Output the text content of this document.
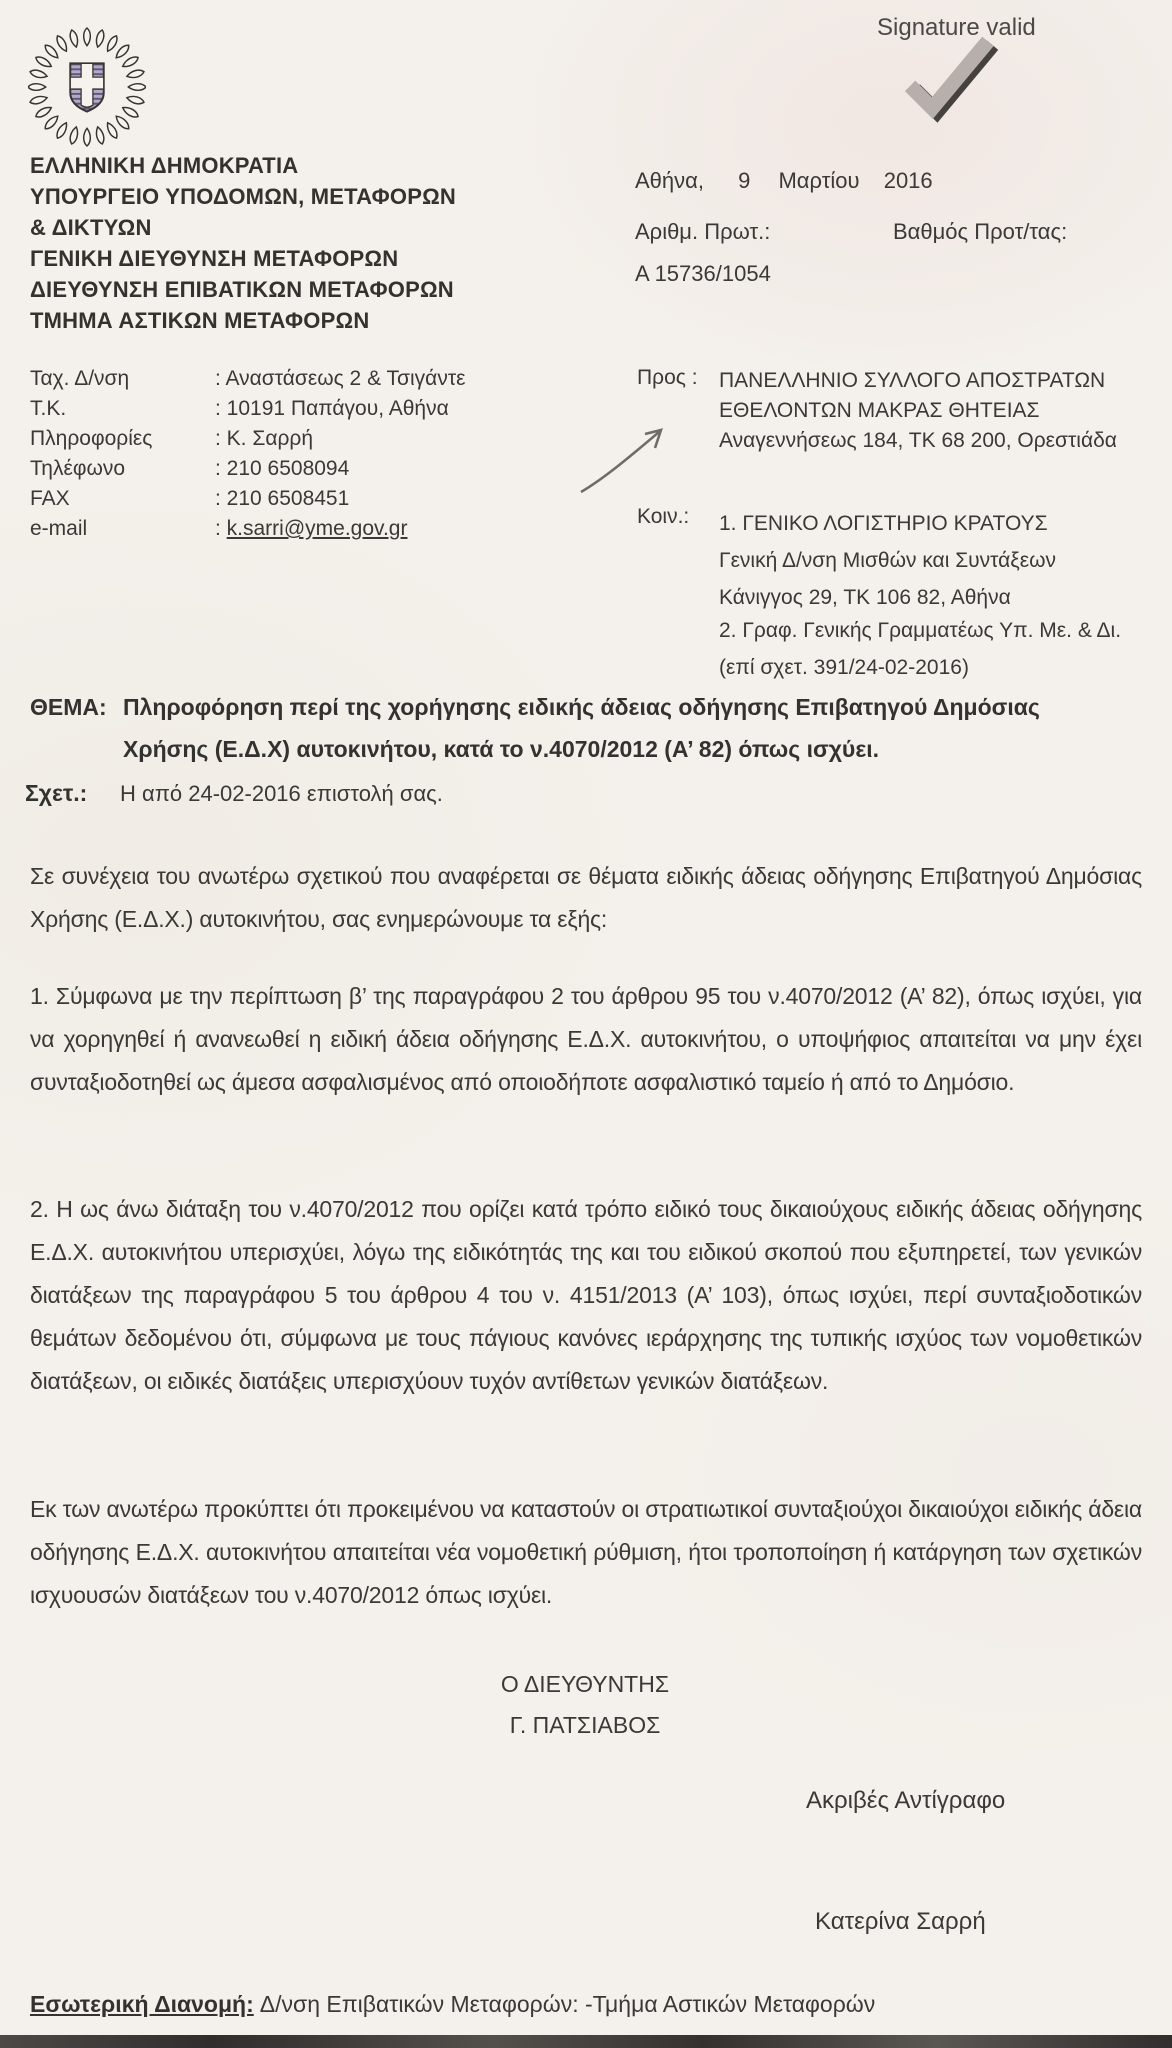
Signature valid
ΕΛΛΗΝΙΚΗ ΔΗΜΟΚΡΑΤΙΑ
ΥΠΟΥΡΓΕΙΟ ΥΠΟΔΟΜΩΝ, ΜΕΤΑΦΟΡΩΝ
& ΔΙΚΤΥΩΝ
ΓΕΝΙΚΗ ΔΙΕΥΘΥΝΣΗ ΜΕΤΑΦΟΡΩΝ
ΔΙΕΥΘΥΝΣΗ ΕΠΙΒΑΤΙΚΩΝ ΜΕΤΑΦΟΡΩΝ
ΤΜΗΜΑ ΑΣΤΙΚΩΝ ΜΕΤΑΦΟΡΩΝ
Αθήνα, 9 Μαρτίου 2016
Αριθμ. Πρωτ.:	Βαθμός Προτ/τας:
Α 15736/1054
Ταχ. Δ/νση	: Αναστάσεως 2 & Τσιγάντε
Τ.Κ.	: 10191 Παπάγου, Αθήνα
Πληροφορίες	: Κ. Σαρρή
Τηλέφωνο	: 210 6508094
FAX	: 210 6508451
e-mail	: k.sarri@yme.gov.gr
Προς : ΠΑΝΕΛΛΗΝΙΟ ΣΥΛΛΟΓΟ ΑΠΟΣΤΡΑΤΩΝ
ΕΘΕΛΟΝΤΩΝ ΜΑΚΡΑΣ ΘΗΤΕΙΑΣ
Αναγεννήσεως 184, ΤΚ 68 200, Ορεστιάδα
Κοιν.: 1. ΓΕΝΙΚΟ ΛΟΓΙΣΤΗΡΙΟ ΚΡΑΤΟΥΣ
Γενική Δ/νση Μισθών και Συντάξεων
Κάνιγγος 29, ΤΚ 106 82, Αθήνα
2. Γραφ. Γενικής Γραμματέως Υπ. Με. & Δι.
(επί σχετ. 391/24-02-2016)
ΘΕΜΑ: Πληροφόρηση περί της χορήγησης ειδικής άδειας οδήγησης Επιβατηγού Δημόσιας
Χρήσης (Ε.Δ.Χ) αυτοκινήτου, κατά το ν.4070/2012 (Α’ 82) όπως ισχύει.
Σχετ.: Η από 24-02-2016 επιστολή σας.
Σε συνέχεια του ανωτέρω σχετικού που αναφέρεται σε θέματα ειδικής άδειας οδήγησης Επιβατηγού Δημόσιας Χρήσης (Ε.Δ.Χ.) αυτοκινήτου, σας ενημερώνουμε τα εξής:
1. Σύμφωνα με την περίπτωση β’ της παραγράφου 2 του άρθρου 95 του ν.4070/2012 (Α’ 82), όπως ισχύει, για να χορηγηθεί ή ανανεωθεί η ειδική άδεια οδήγησης Ε.Δ.Χ. αυτοκινήτου, ο υποψήφιος απαιτείται να μην έχει συνταξιοδοτηθεί ως άμεσα ασφαλισμένος από οποιοδήποτε ασφαλιστικό ταμείο ή από το Δημόσιο.
2. Η ως άνω διάταξη του ν.4070/2012 που ορίζει κατά τρόπο ειδικό τους δικαιούχους ειδικής άδειας οδήγησης Ε.Δ.Χ. αυτοκινήτου υπερισχύει, λόγω της ειδικότητάς της και του ειδικού σκοπού που εξυπηρετεί, των γενικών διατάξεων της παραγράφου 5 του άρθρου 4 του ν. 4151/2013 (Α’ 103), όπως ισχύει, περί συνταξιοδοτικών θεμάτων δεδομένου ότι, σύμφωνα με τους πάγιους κανόνες ιεράρχησης της τυπικής ισχύος των νομοθετικών διατάξεων, οι ειδικές διατάξεις υπερισχύουν τυχόν αντίθετων γενικών διατάξεων.
Εκ των ανωτέρω προκύπτει ότι προκειμένου να καταστούν οι στρατιωτικοί συνταξιούχοι δικαιούχοι ειδικής άδεια οδήγησης Ε.Δ.Χ. αυτοκινήτου απαιτείται νέα νομοθετική ρύθμιση, ήτοι τροποποίηση ή κατάργηση των σχετικών ισχυουσών διατάξεων του ν.4070/2012 όπως ισχύει.
Ο ΔΙΕΥΘΥΝΤΗΣ
Γ. ΠΑΤΣΙΑΒΟΣ
Ακριβές Αντίγραφο
Κατερίνα Σαρρή
Εσωτερική Διανομή: Δ/νση Επιβατικών Μεταφορών: -Τμήμα Αστικών Μεταφορών
